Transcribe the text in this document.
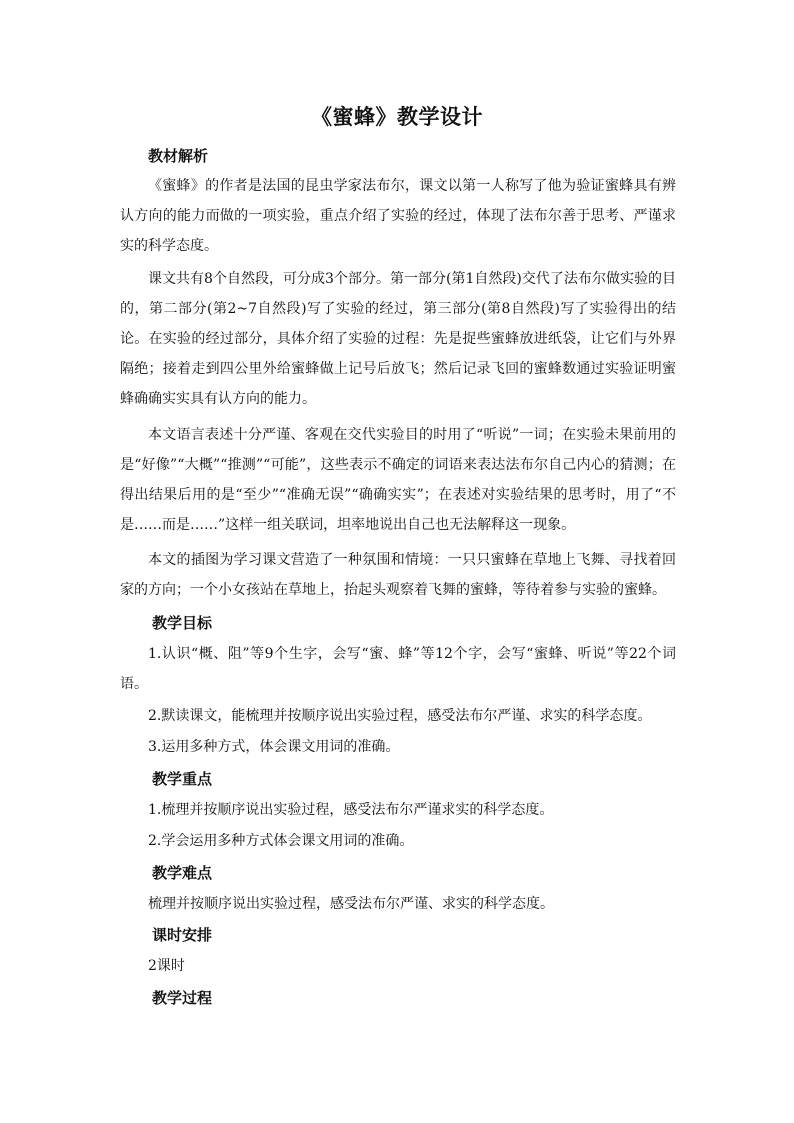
《蜜蜂》教学设计
教材解析

《蜜蜂》的作者是法国的昆虫学家法布尔，课文以第一人称写了他为验证蜜蜂具有辨认方向的能力而做的一项实验，重点介绍了实验的经过，体现了法布尔善于思考、严谨求实的科学态度。

课文共有8个自然段，可分成3个部分。第一部分(第1自然段)交代了法布尔做实验的目的，第二部分(第2~7自然段)写了实验的经过，第三部分(第8自然段)写了实验得出的结论。在实验的经过部分，具体介绍了实验的过程：先是捉些蜜蜂放进纸袋，让它们与外界隔绝；接着走到四公里外给蜜蜂做上记号后放飞；然后记录飞回的蜜蜂数通过实验证明蜜蜂确确实实具有认方向的能力。

本文语言表述十分严谨、客观在交代实验目的时用了“听说”一词；在实验未果前用的是“好像”“大概”“推测”“可能”，这些表示不确定的词语来表达法布尔自己内心的猜测；在得出结果后用的是“至少”“准确无误”“确确实实”；在表述对实验结果的思考时，用了“不是……而是……”这样一组关联词，坦率地说出自己也无法解释这一现象。

本文的插图为学习课文营造了一种氛围和情境：一只只蜜蜂在草地上飞舞、寻找着回家的方向；一个小女孩站在草地上，抬起头观察着飞舞的蜜蜂，等待着参与实验的蜜蜂。

教学目标

1.认识“概、阻”等9个生字，会写“蜜、蜂”等12个字，会写“蜜蜂、听说”等22个词语。

2.默读课文，能梳理并按顺序说出实验过程，感受法布尔严谨、求实的科学态度。

3.运用多种方式，体会课文用词的准确。

教学重点

1.梳理并按顺序说出实验过程，感受法布尔严谨求实的科学态度。

2.学会运用多种方式体会课文用词的准确。

教学难点

梳理并按顺序说出实验过程，感受法布尔严谨、求实的科学态度。

课时安排

2课时

教学过程
